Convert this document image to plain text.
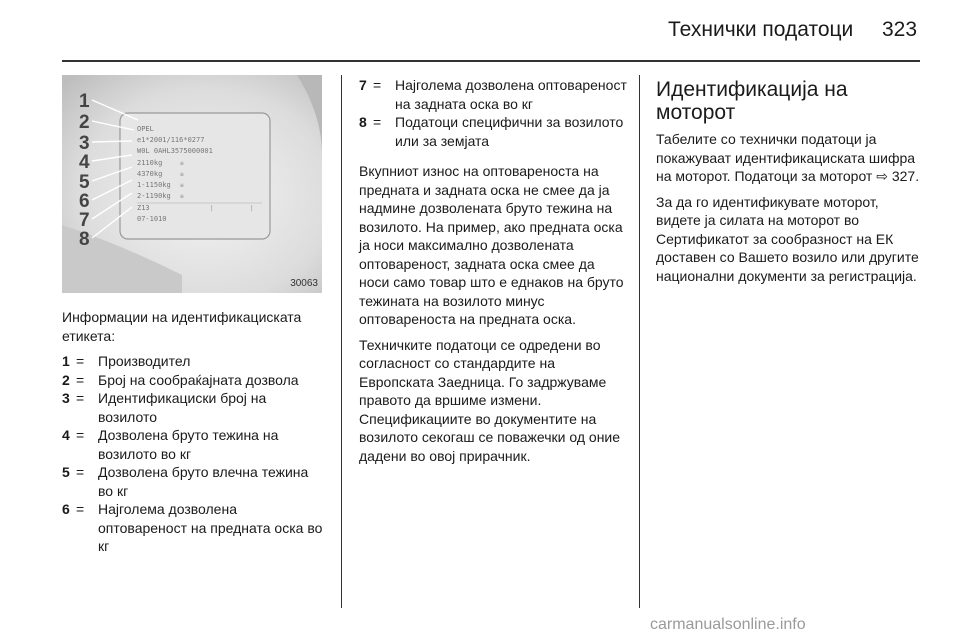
Технички податоци 323
OPEL
e1*2001/116*0277
W0L 0AHL3575000001
2110kg
4370kg
1-1150kg
2-1190kg
Z13
07-1010
≡
≡
≡
≡
|	|
1
2
3
4
5
6
7
8
30063

Информации на идентификациската етикета:

1 = Производител
2 = Број на сообраќајната дозвола
3 = Идентификациски број на возилото
4 = Дозволена бруто тежина на возилото во кг
5 = Дозволена бруто влечна тежина во кг
6 = Најголема дозволена оптовареност на предната оска во кг
7 = Најголема дозволена оптовареност на задната оска во кг
8 = Податоци специфични за возилото или за земјата

Вкупниот износ на оптовареноста на предната и задната оска не смее да ја надмине дозволената бруто тежина на возилото. На пример, ако предната оска ја носи максимално дозволената оптовареност, задната оска смее да носи само товар што е еднаков на бруто тежината на возилото минус оптовареноста на предната оска.

Техничките податоци се одредени во согласност со стандардите на Европската Заедница. Го задржуваме правото да вршиме измени. Спецификациите во документите на возилото секогаш се поважечки од оние дадени во овој прирачник.

Идентификација на моторот

Табелите со технички податоци ја покажуваат идентификациската шифра на моторот. Податоци за моторот ⇨ 327.

За да го идентификувате моторот, видете ја силата на моторот во Сертификатот за сообразност на ЕК доставен со Вашето возило или другите национални документи за регистрација.

carmanualsonline.info
